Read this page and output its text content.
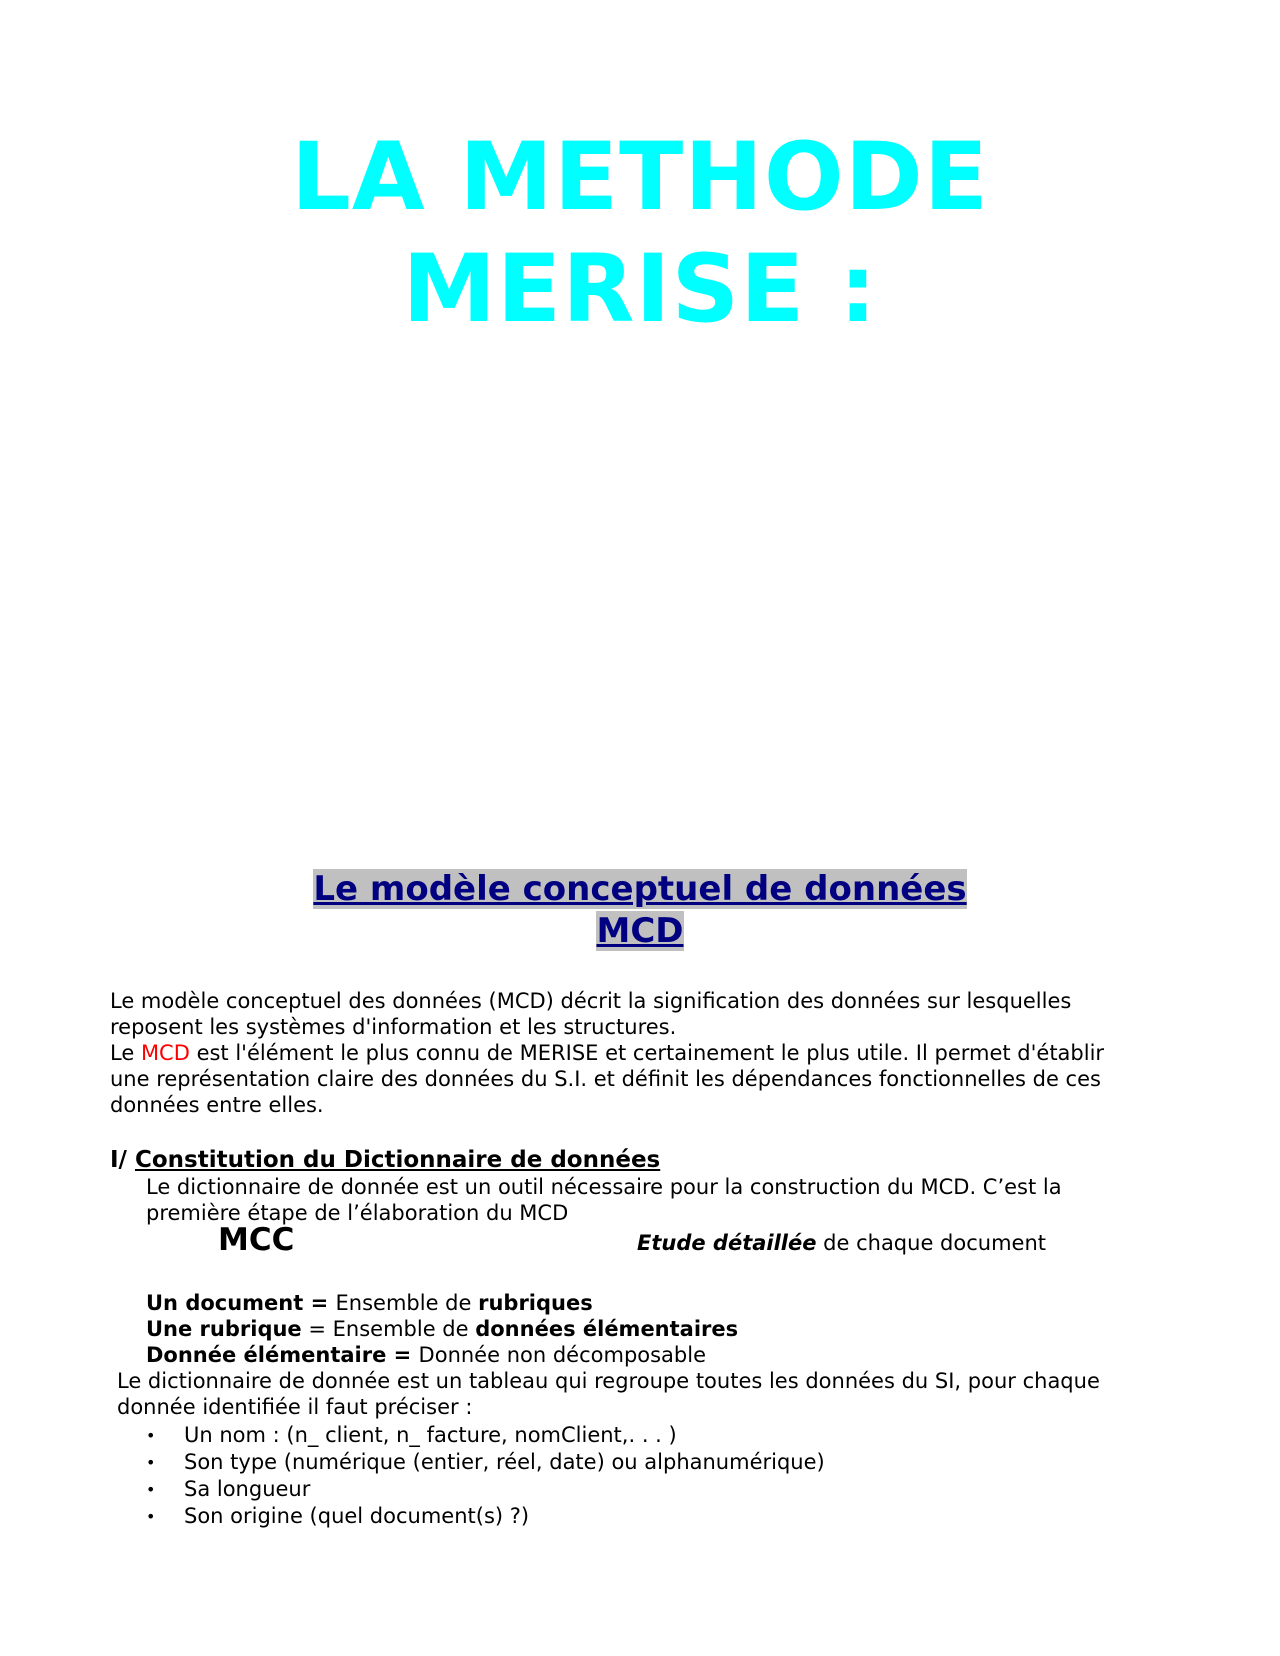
LA METHODE
MERISE :
Le modèle conceptuel de données
MCD

Le modèle conceptuel des données (MCD) décrit la signification des données sur lesquelles
reposent les systèmes d'information et les structures.

Le MCD est l'élément le plus connu de MERISE et certainement le plus utile. Il permet d'établir
une représentation claire des données du S.I. et définit les dépendances fonctionnelles de ces
données entre elles.

I/ Constitution du Dictionnaire de données

Le dictionnaire de donnée est un outil nécessaire pour la construction du MCD. C’est la
première étape de l’élaboration du MCD

MCC	Etude détaillée de chaque document

Un document = Ensemble de rubriques

Une rubrique = Ensemble de données élémentaires

Donnée élémentaire = Donnée non décomposable

Le dictionnaire de donnée est un tableau qui regroupe toutes les données du SI, pour chaque
donnée identifiée il faut préciser :

•	Un nom : (n_ client, n_ facture, nomClient,. . . )
•	Son type (numérique (entier, réel, date) ou alphanumérique)
•	Sa longueur
•	Son origine (quel document(s) ?)
